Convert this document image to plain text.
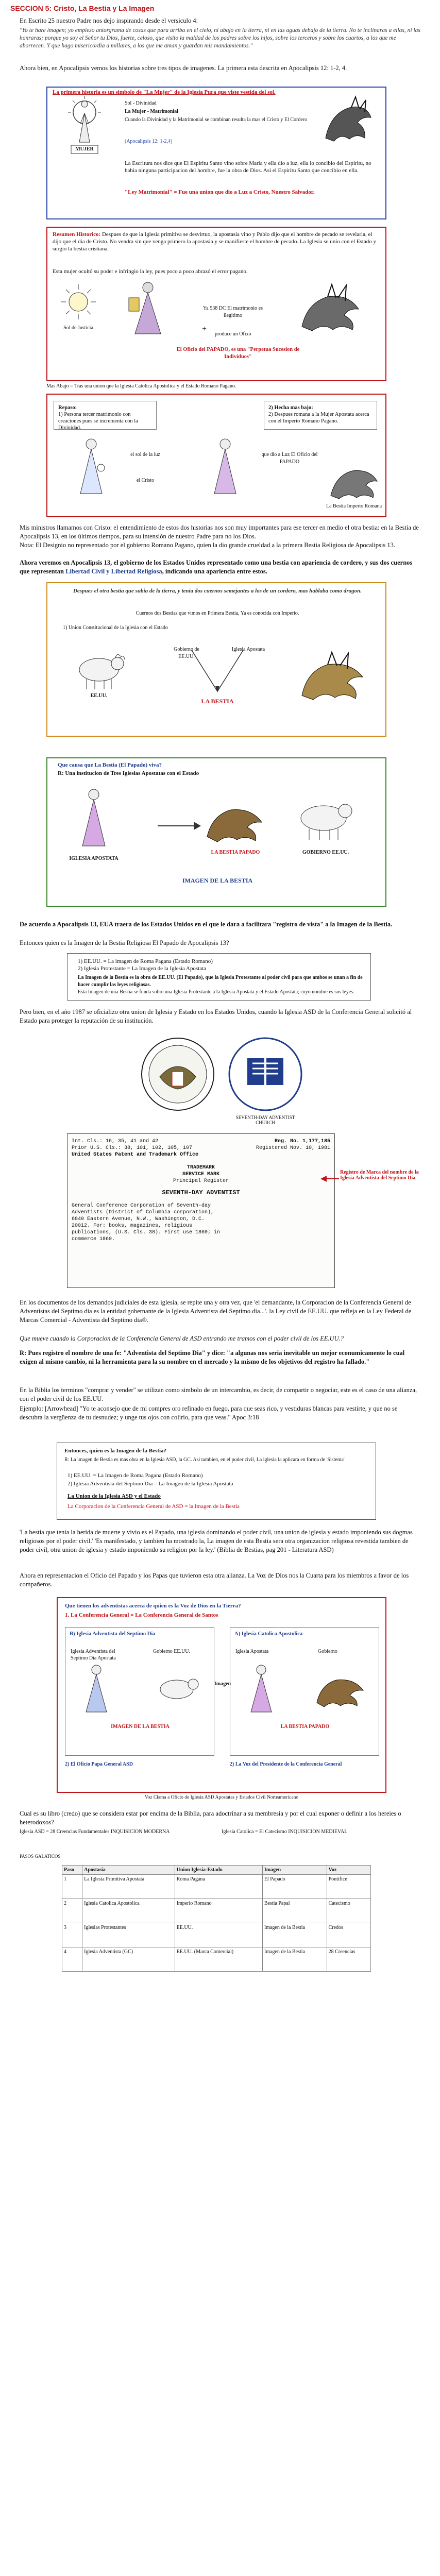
SECCION 5: Cristo, La Bestia y La Imagen

En Escrito 25 nuestro Padre nos dejo inspirando desde el versiculo 4:

"Yo te hare imagen; yo empiezo antorgrama de cosas que para arriba en el cielo, ni abajo en la tierra, ni en las aguas debajo de la tierra. No te inclinaras a ellas, ni las honraras; porque yo soy el Señor tu Dios, fuerte, celoso, que visito la maldad de los padres sobre los hijos, sobre los terceros y sobre los cuartos, a los que me aborrecen. Y que hago misericordia a millares, a los que me aman y guardan mis mandamientos."

Ahora bien, en Apocalipsis vemos los historias sobre tres tipos de imagenes. La primera esta descrita en Apocalipsis 12: 1-2, 4.

MUJER
La primera historia es un simbolo de "La Mujer" de la Iglesia Pura que viste vestida del sol.
Sol - Divinidad
La Mujer - Matrimonial
Cuando la Divinidad y la Matrimonial se combinan resulta la mas el Cristo y El Cordero
(Apocalipsis 12: 1-2,4)
La Escritura nos dice que El Espiritu Santo vino sobre Maria y ella dio a luz, ella lo concibio del Espiritu, no habia ninguna participacion del hombre, fue la obra de Dios. Asi el Espiritu Santo que concibio en ella.
"Ley Matrimonial" = Fue una union que dio a Luz a Cristo, Nuestro Salvador.
Resumen Historico: Despues de que la Iglesia primitiva se desvirtuo, la apostasia vino y Pablo dijo que el hombre de pecado se revelaria, el dijo que el dia de Cristo. No vendra sin que venga primero la apostasia y se manifieste el hombre de pecado. La Iglesia se unio con el Estado y surgio la bestia cristiana.
Esta mujer ocultó su poder e infringio la ley, pues poco a poco abrazó el error pagano.
Sol de Justicia
Ya 538 DC El matrimonio es ilegitimo
+
produce un Ofixo
El Oficio del PAPADO, es una "Perpetua Sucesion de Individuos"
Mas Abajo = Tras una union que la Iglesia Catolica Apostolica y el Estado Romano Pagano.
Repaso:
1) Persona tercer matrimonio con creaciones pues se incrementa con la Divinidad.
2) Hecha mas bajo:
2) Despues romana a la Mujer Apostata acerca con el Imperio Romano Pagano.
el sol de la luz
el Cristo
que dio a Luz El Oficio del PAPADO
La Bestia Imperio Romana

Mis ministros llamamos con Cristo: el entendimiento de estos dos historias nos son muy importantes para ese tercer en medio el otra bestia: en la Bestia de Apocalipsis 13, en los últimos tiempos, para su intensión de nuestro Padre para no los Dios.

Nota: El Designio no representado por el gobierno Romano Pagano, quien la dio grande crueldad a la primera Bestia Religiosa de Apocalipsis 13.

Ahora veremos en Apocalipsis 13, el gobierno de los Estados Unidos representado como una bestia con apariencia de cordero, y sus dos cuernos que representan Libertad Civil y Libertad Religiosa, indicando una apariencia entre estos.

Despues el otra bestia que subia de la tierra, y tenia dos cuernos semejantes a los de un cordero, mas hablaba como dragon.
Cuernos dos Bestias que vimos en Primera Bestia, Ya es conocida con Imperio.
1) Union Constitucional de la Iglesia con el Estado
EE.UU.
Gobierno de EE.UU.
Iglesia Apostata
LA BESTIA
Que causa que La Bestia (El Papado) viva?
R: Una institucion de Tres Iglesias Apostatas con el Estado
IGLESIA APOSTATA
LA BESTIA PAPADO	GOBIERNO EE.UU.
IMAGEN DE LA BESTIA

De acuerdo a Apocalipsis 13, EUA traera de los Estados Unidos en el que le dara a facilitara "registro de vista" a la Imagen de la Bestia.

Entonces quien es la Imagen de la Bestia Religiosa El Papado de Apocalipsis 13?

1) EE.UU. = La imagen de Roma Pagana (Estado Romano)
2) Iglesia Protestante = La Imagen de la Iglesia Apostata
La Imagen de la Bestia es la obra de EE.UU. (El Papado), que la Iglesia Protestante al poder civil para que ambos se unan a fin de hacer cumplir las leyes religiosas.
Esta Imagen de una Bestia se funda sobre una Iglesia Protestante a la Iglesia Apostata y el Estado Apostata; cuyo nombre es sus leyes.

Pero bien, en el año 1987 se oficializo otra union de Iglesia y Estado en los Estados Unidos, cuando la Iglesia ASD de la Conferencia General solicitó al Estado para proteger la reputación de su institución.

SEVENTH-DAY ADVENTIST CHURCH
Int. Cls.: 16, 35, 41 and 42
Prior U.S. Cls.: 38, 101, 102, 105, 107
United States Patent and Trademark Office
Reg. No. 1,177,185
Registered Nov. 10, 1981
TRADEMARK
SERVICE MARK
Principal Register
SEVENTH-DAY ADVENTIST
General Conference Corporation of Seventh-day Adventists (District of Columbia corporation), 6840 Eastern Avenue, N.W., Washington, D.C. 20012. For: books, magazines, religious publications, (U.S. Cls. 38). First use 1860; in commerce 1860.
Registro de Marca del nombre de la Iglesia Adventista del Septimo Dia

En los documentos de los demandos judiciales de esta iglesia, se repite una y otra vez, que 'el demandante, la Corporacion de la Conferencia General de Adventistas del Septimo dia es la entidad gobernante de la Iglesia Adventista del Septimo dia...'. la Ley civil de EE.UU. que refleja en la Ley Federal de Marcas Comercial - Adventista del Septimo dia®.

Que mueve cuando la Corporacion de la Conferencia General de ASD entrando me tramos con el poder civil de los EE.UU.?

R: Pues registro el nombre de una fe: "Adventista del Septimo Dia" y dice: "a algunas nos seria inevitable un mejor econumicamente lo cual exigen al mismo cambio, ni la herramienta para la su nombre en el mercado y la mismo de los objetivos del registro ha fallado."

En la Biblia los terminos "comprar y vender" se utilizan como simbolo de un intercambio, es decir, de compartir o negociar, este es el caso de una alianza, con el poder civil de los EE.UU.

Ejemplo: [Arrowhead] "Yo te aconsejo que de mi compres oro refinado en fuego, para que seas rico, y vestiduras blancas para vestirte, y que no se descubra la vergüenza de tu desnudez; y unge tus ojos con colirio, para que veas." Apoc 3:18

Entonces, quien es la Imagen de la Bestia?
R: La imagen de Bestia es mas obra en la Iglesia ASD, la GC. Asi tambien, en el poder civil, La iglesia la aplicara en forma de 'Sistema'
1) EE.UU. = La Imagen de Roma Pagana (Estado Romano)
2) Iglesia Adventista del Septimo Dia = La Imagen de la Iglesia Apostata
La Union de la Iglesia ASD y el Estado
La Corporacion de la Conferencia General de ASD = la Imagen de la Bestia

'La bestia que tenia la herida de muerte y vivio es el Papado, una iglesia dominando el poder civil, una union de iglesia y estado imponiendo sus dogmas religiosos por el poder civil.' 'Es manifestado, y tambien ha mostrado la, La imagen de esta Bestia sera otra organizacion religiosa revestida tambien de poder civil, otra union de iglesia y estado imponiendo su religion por la ley.' (Biblia de Bestias, pag 201 - Literatura ASD)

Ahora en representacion el Oficio del Papado y los Papas que tuvieron esta otra alianza. La Voz de Dios nos la Cuarta para los miembros a favor de los compañeros.

Que tienen los adventistas acerca de quien es la Voz de Dios en la Tierra?
1. La Conferencia General = La Conferencia General de Santos
B) Iglesia Adventista del Septimo Dia
Iglesia Adventista del Septimo Dia Apostata
Gobierno EE.UU.
IMAGEN DE LA BESTIA
A) Iglesia Catolica Apostolica
Iglesia Apostata	Gobierno
LA BESTIA PAPADO
Imagen
2) El Oficio Papa General ASD	2) La Voz del Presidente de la Conferencia General
Voz Clama a Oficio de Iglesia ASD Apostatas y Estados Civil Norteamericano

Cual es su libro (credo) que se considera estar por encima de la Biblia, para adoctrinar a su membresia y por el cual exponer o definir a los hereies o heterodoxos?

Iglesia ASD = 28 Creencias Fundamentales INQUISICION MODERNA	Iglesia Catolica = El Catecismo INQUISICION MEDIEVAL
PASOS GALATICOS
Paso	Apostasia	Union Iglesia-Estado	Imagen	Voz
1	La Iglesia Primitiva Apostata	Roma Pagana	El Papado	Pontifice
2	Iglesia Catolica Apostolica	Imperio Romano	Bestia Papal	Catecismo
3	Iglesias Protestantes	EE.UU.	Imagen de la Bestia	Credos
4	Iglesia Adventista (GC)	EE.UU. (Marca Comercial)	Imagen de la Bestia	28 Creencias
